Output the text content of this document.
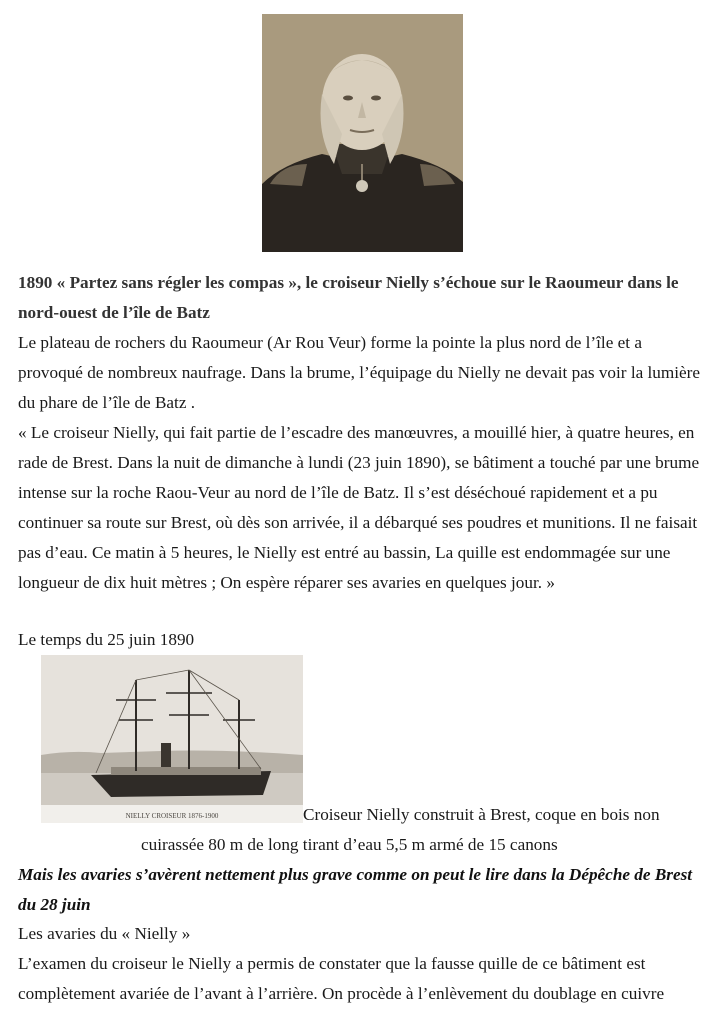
1890 « Partez sans régler les compas », le croiseur Nielly s’échoue sur le Raoumeur dans le nord-ouest de l’île de Batz

Le plateau de rochers du Raoumeur (Ar Rou Veur) forme la pointe la plus nord de l’île et a provoqué de nombreux naufrage. Dans la brume, l’équipage du Nielly ne devait pas voir la lumière du phare de l’île de Batz .

« Le croiseur Nielly, qui fait partie de l’escadre des manœuvres, a mouillé hier, à quatre heures, en rade de Brest. Dans la nuit de dimanche à lundi (23 juin 1890), se bâtiment a touché par une brume intense sur la roche Raou-Veur au nord de l’île de Batz. Il s’est déséchoué rapidement et a pu continuer sa route sur Brest, où dès son arrivée, il a débarqué ses poudres et munitions. Il ne faisait pas d’eau. Ce matin à 5 heures, le Nielly est entré au bassin, La quille est endommagée sur une longueur de dix huit mètres ; On espère réparer ses avaries en quelques jour. »

Le temps du 25 juin 1890

NIELLY CROISEUR 1876-1900	Croiseur Nielly construit à Brest, coque en bois non
cuirassée 80 m de long tirant d’eau 5,5 m armé de 15 canons

Mais les avaries s’avèrent nettement plus grave comme on peut le lire dans la Dépêche de Brest du 28 juin

Les avaries du « Nielly »

L’examen du croiseur le Nielly a permis de constater que la fausse quille de ce bâtiment est complètement avariée de l’avant à l’arrière. On procède à l’enlèvement du doublage en cuivre
